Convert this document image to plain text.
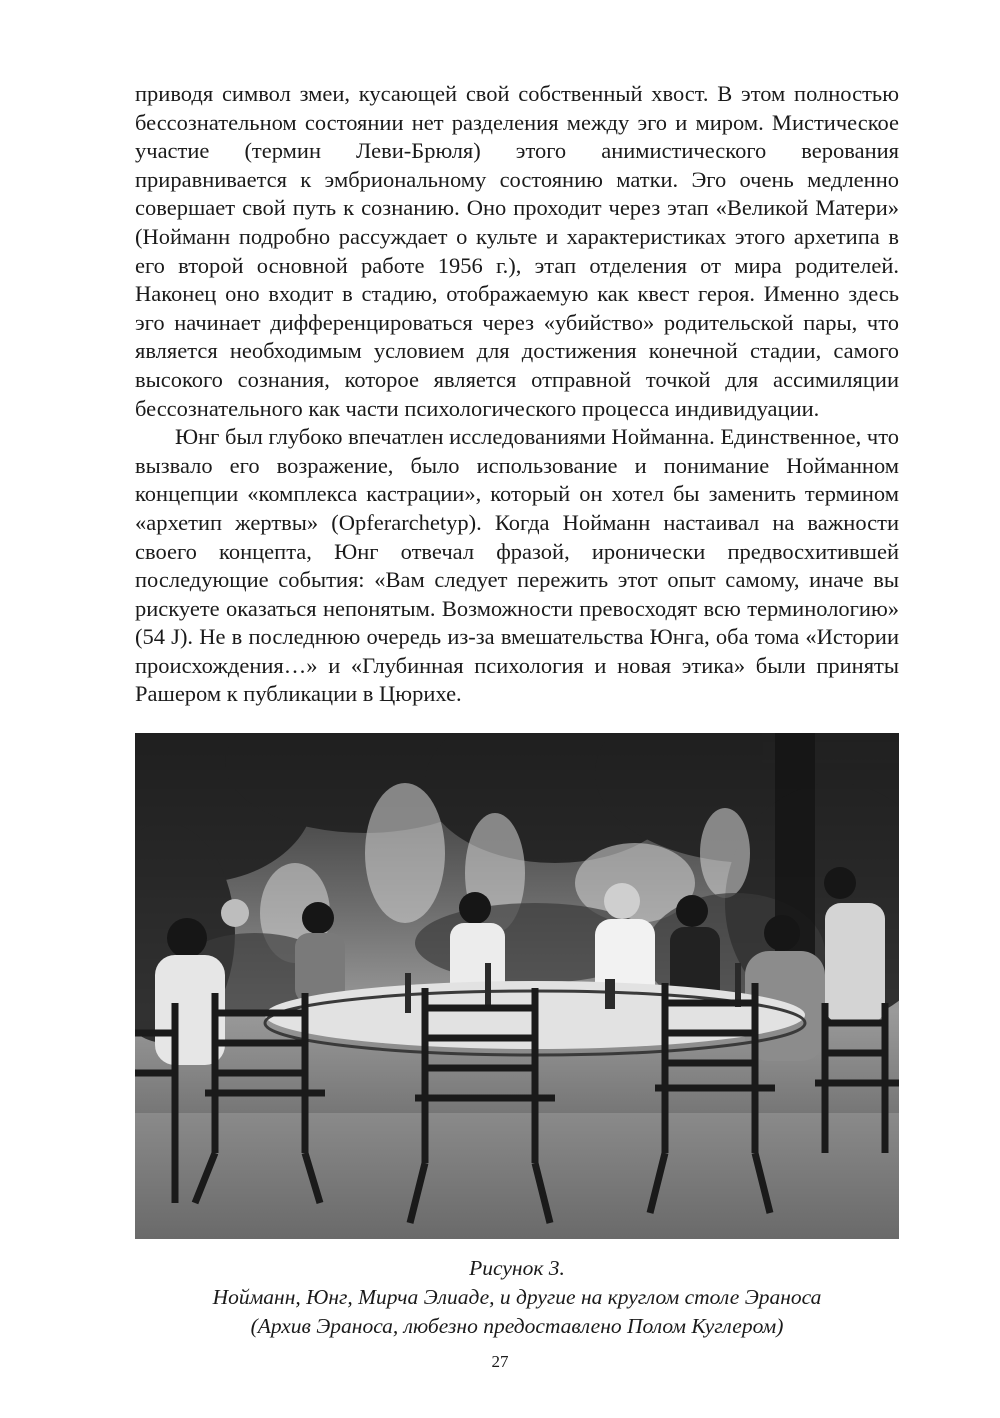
приводя символ змеи, кусающей свой собственный хвост. В этом полностью бессознательном состоянии нет разделения между эго и миром. Мистическое участие (термин Леви-Брюля) этого анимистического верования приравнивается к эмбриональному состоянию матки. Эго очень медленно совершает свой путь к сознанию. Оно проходит через этап «Великой Матери» (Нойманн подробно рассуждает о культе и характеристиках этого архетипа в его второй основной работе 1956 г.), этап отделения от мира родителей. Наконец оно входит в стадию, отображаемую как квест героя. Именно здесь эго начинает дифференцироваться через «убийство» родительской пары, что является необходимым условием для достижения конечной стадии, самого высокого сознания, которое является отправной точкой для ассимиляции бессознательного как части психологического процесса индивидуации.

Юнг был глубоко впечатлен исследованиями Нойманна. Единственное, что вызвало его возражение, было использование и понимание Нойманном концепции «комплекса кастрации», который он хотел бы заменить термином «архетип жертвы» (Opferarchetyp). Когда Нойманн настаивал на важности своего концепта, Юнг отвечал фразой, иронически предвосхитившей последующие события: «Вам следует пережить этот опыт самому, иначе вы рискуете оказаться непонятым. Возможности превосходят всю терминологию» (54 J). Не в последнюю очередь из-за вмешательства Юнга, оба тома «Истории происхождения…» и «Глубинная психология и новая этика» были приняты Рашером к публикации в Цюрихе.

Рисунок 3.
Нойманн, Юнг, Мирча Элиаде, и другие на круглом столе Эраноса
(Архив Эраноса, любезно предоставлено Полом Куглером)
27
